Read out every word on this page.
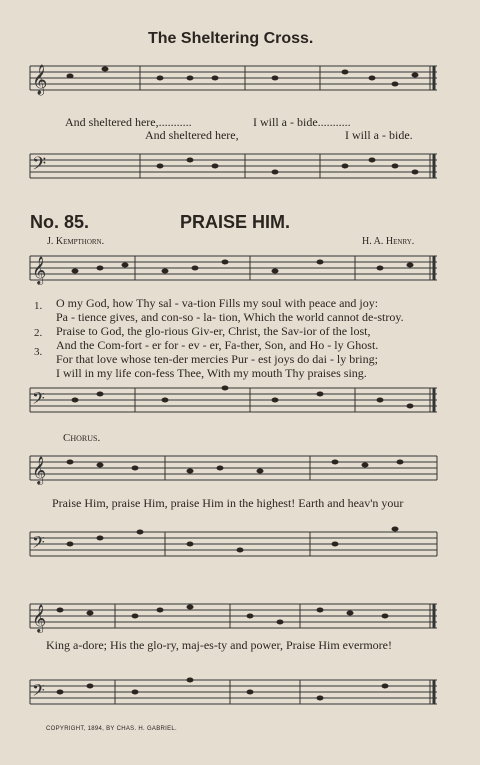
The Sheltering Cross.
𝄞
And sheltered here,...........	I will a - bide...........
And sheltered here,	I will a - bide.
𝄢
No. 85.	PRAISE HIM.
J. Kempthorn.	H. A. Henry.
𝄞
1. O my God, how Thy sal - va-tion Fills my soul with peace and joy:
Pa - tience gives, and con-so - la- tion, Which the world cannot de-stroy.
2. Praise to God, the glo-rious Giv-er, Christ, the Sav-ior of the lost,
And the Com-fort - er for - ev - er, Fa-ther, Son, and Ho - ly Ghost.
3. For that love whose ten-der mercies Pur - est joys do dai - ly bring;
I will in my life con-fess Thee, With my mouth Thy praises sing.
𝄢
Chorus.
𝄞
Praise Him, praise Him, praise Him in the highest! Earth and heav'n your
𝄢
𝄞
King a-dore; His the glo-ry, maj-es-ty and power, Praise Him evermore!
𝄢
COPYRIGHT, 1894, BY CHAS. H. GABRIEL.
